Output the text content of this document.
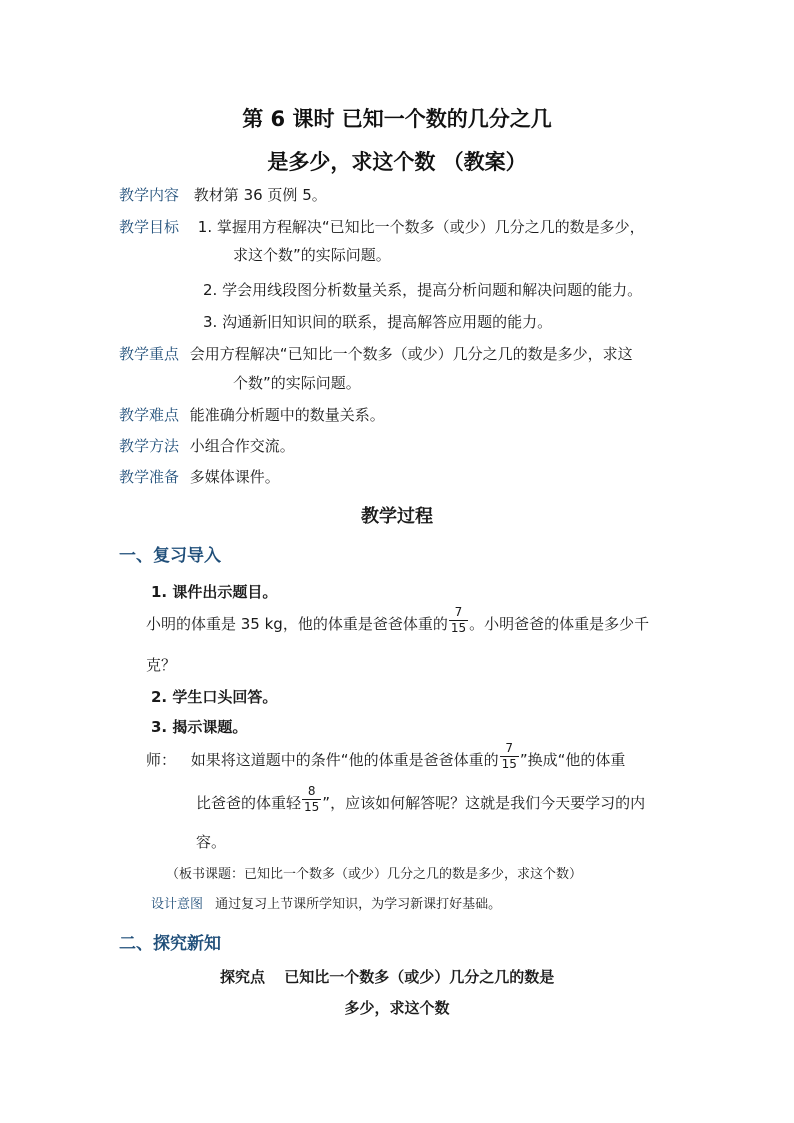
第 6 课时 已知一个数的几分之几
是多少，求这个数 （教案）
教学内容 教材第 36 页例 5。
教学目标 1. 掌握用方程解决“已知比一个数多（或少）几分之几的数是多少，
求这个数”的实际问题。
2. 学会用线段图分析数量关系，提高分析问题和解决问题的能力。
3. 沟通新旧知识间的联系，提高解答应用题的能力。
教学重点 会用方程解决“已知比一个数多（或少）几分之几的数是多少，求这
个数”的实际问题。
教学难点 能准确分析题中的数量关系。
教学方法 小组合作交流。
教学准备 多媒体课件。
教学过程
一、复习导入
1. 课件出示题目。
小明的体重是 35 kg，他的体重是爸爸体重的 $\frac{7}{15}$ 。小明爸爸的体重是多少千
克？
2. 学生口头回答。
3. 揭示课题。
师： 如果将这道题中的条件“他的体重是爸爸体重的 $\frac{7}{15}$ ”换成“他的体重
比爸爸的体重轻 $\frac{8}{15}$ ”，应该如何解答呢？这就是我们今天要学习的内
容。
（板书课题：已知比一个数多（或少）几分之几的数是多少，求这个数）
设计意图 通过复习上节课所学知识，为学习新课打好基础。
二、探究新知
探究点 已知比一个数多（或少）几分之几的数是
多少，求这个数
